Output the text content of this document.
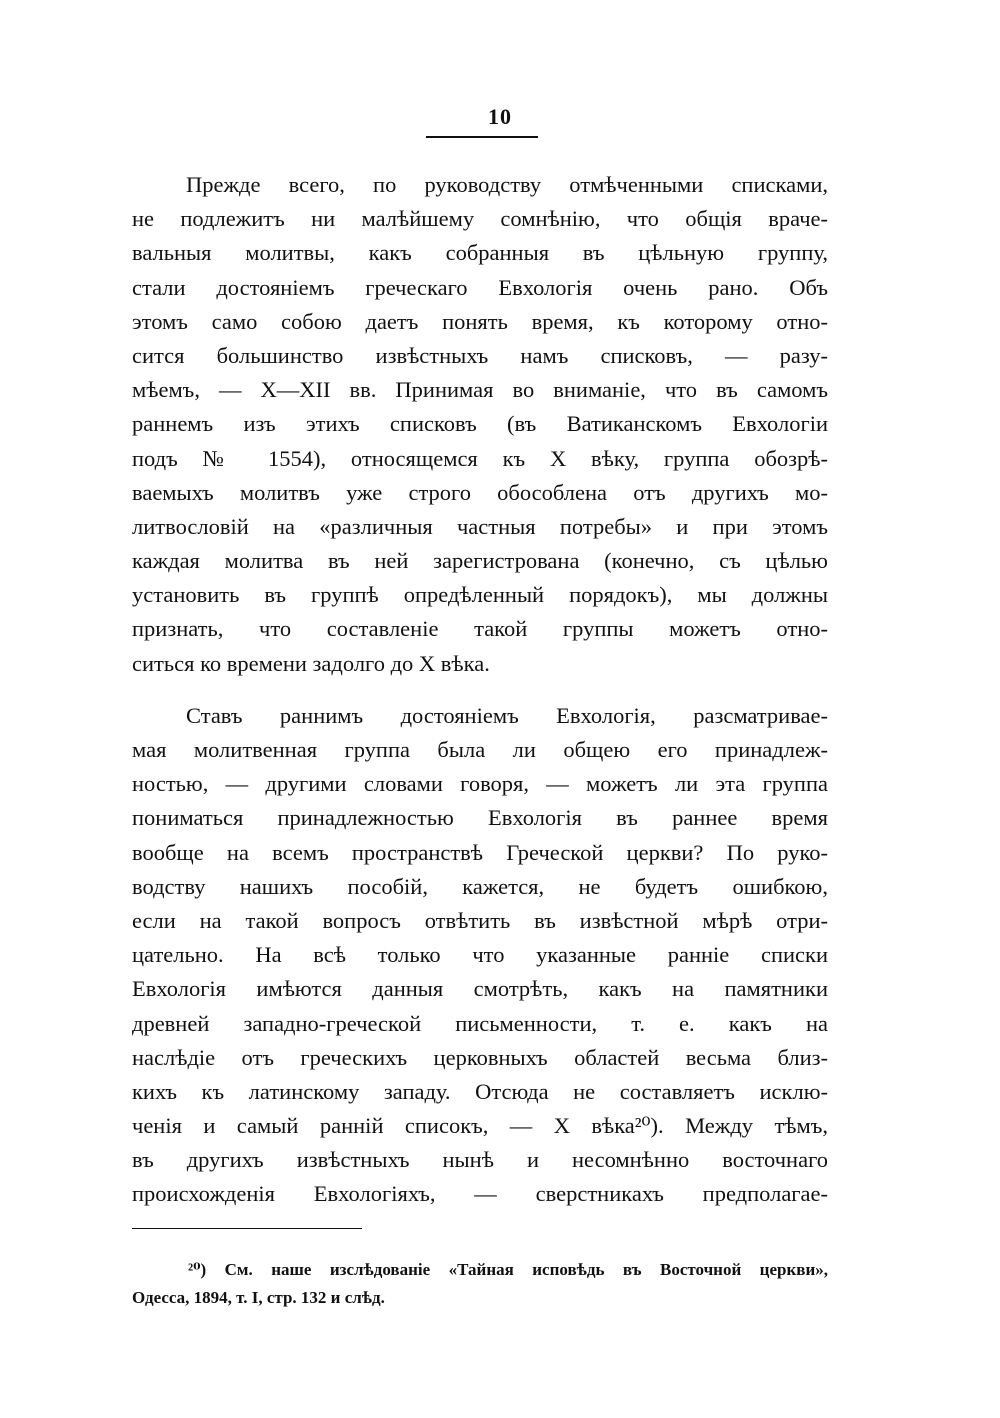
10
Прежде всего, по руководству отмѣченными списками,
не подлежитъ ни малѣйшему сомнѣнію, что общія враче-
вальныя молитвы, какъ собранныя въ цѣльную группу,
стали достояніемъ греческаго Евхологія очень рано. Объ
этомъ само собою даетъ понять время, къ которому отно-
сится большинство извѣстныхъ намъ списковъ, — разу-
мѣемъ, — X—XII вв. Принимая во вниманіе, что въ самомъ
раннемъ изъ этихъ списковъ (въ Ватиканскомъ Евхологіи
подъ № 1554), относящемся къ X вѣку, группа обозрѣ-
ваемыхъ молитвъ уже строго обособлена отъ другихъ мо-
литвословій на «различныя частныя потребы» и при этомъ
каждая молитва въ ней зарегистрована (конечно, съ цѣлью
установить въ группѣ опредѣленный порядокъ), мы должны
признать, что составленіе такой группы можетъ отно-
ситься ко времени задолго до X вѣка.
Ставъ раннимъ достояніемъ Евхологія, разсматривае-
мая молитвенная группа была ли общею его принадлеж-
ностью, — другими словами говоря, — можетъ ли эта группа
пониматься принадлежностью Евхологія въ раннее время
вообще на всемъ пространствѣ Греческой церкви? По руко-
водству нашихъ пособій, кажется, не будетъ ошибкою,
если на такой вопросъ отвѣтить въ извѣстной мѣрѣ отри-
цательно. На всѣ только что указанные ранніе списки
Евхологія имѣются данныя смотрѣть, какъ на памятники
древней западно-греческой письменности, т. е. какъ на
наслѣдіе отъ греческихъ церковныхъ областей весьма близ-
кихъ къ латинскому западу. Отсюда не составляетъ исклю-
ченія и самый ранній списокъ, — X вѣка²⁰). Между тѣмъ,
въ другихъ извѣстныхъ нынѣ и несомнѣнно восточнаго
происхожденія Евхологіяхъ, — сверстникахъ предполагае-
²⁰) См. наше изслѣдованіе «Тайная исповѣдь въ Восточной церкви»,
Одесса, 1894, т. I, стр. 132 и слѣд.
